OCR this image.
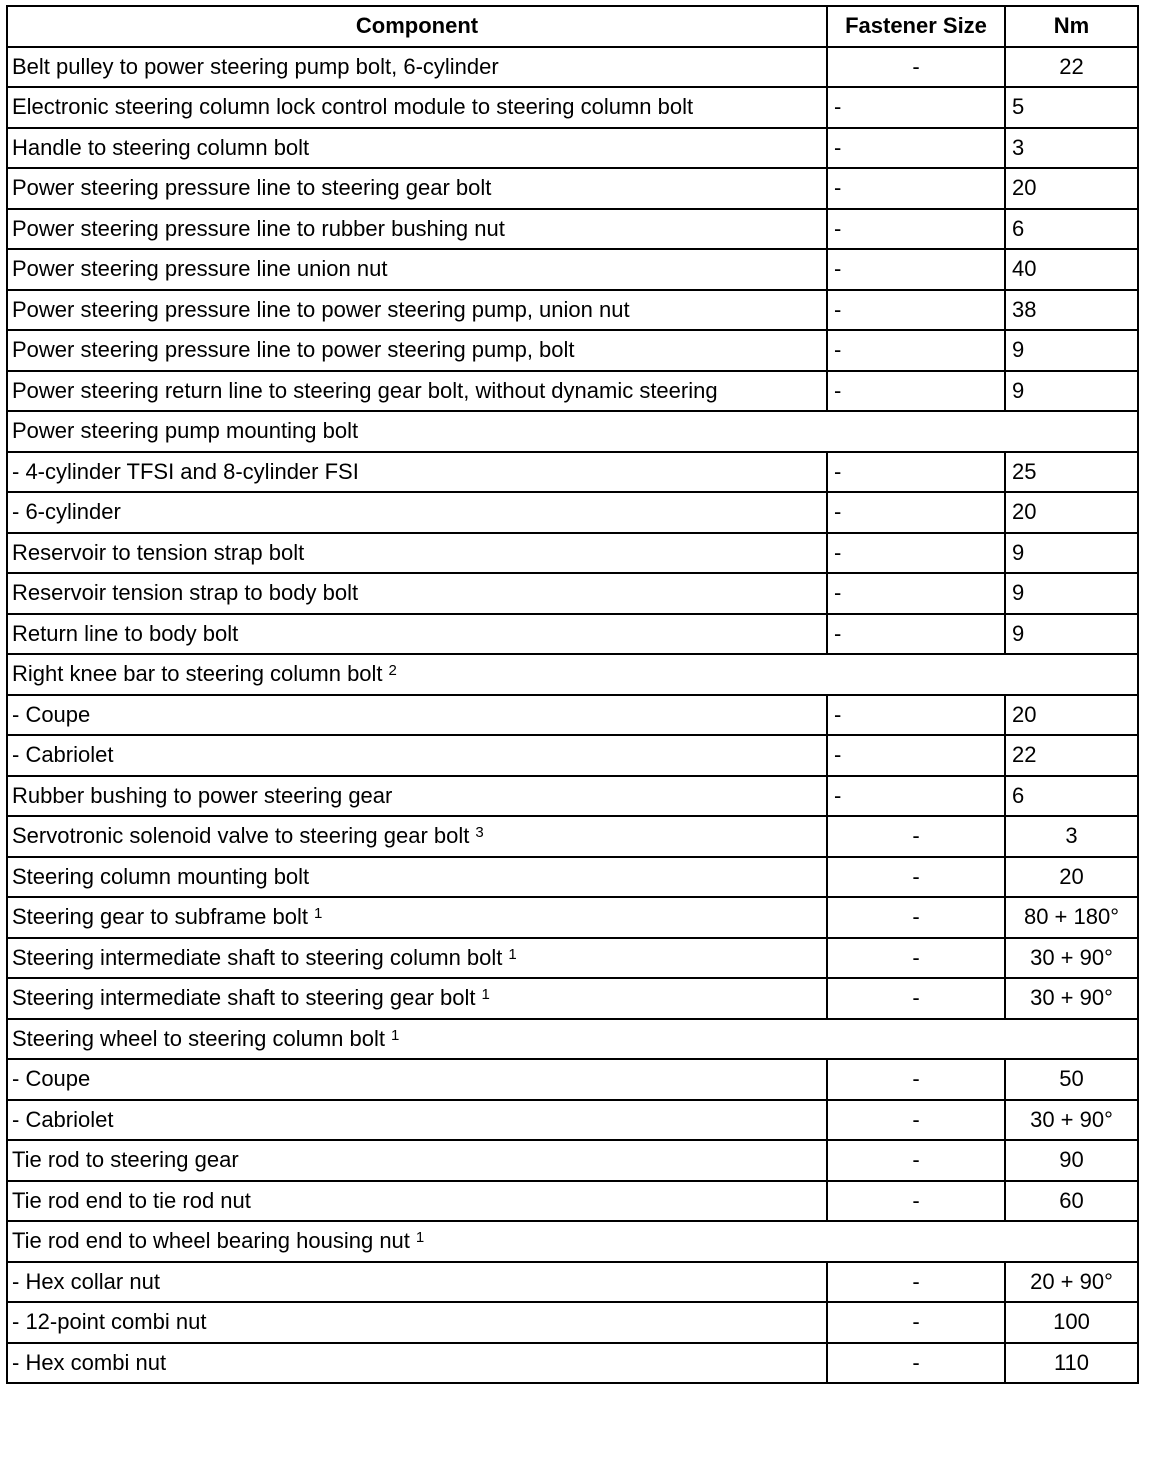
Component	Fastener Size	Nm
Belt pulley to power steering pump bolt, 6-cylinder	-	22
Electronic steering column lock control module to steering column bolt	-	5
Handle to steering column bolt	-	3
Power steering pressure line to steering gear bolt	-	20
Power steering pressure line to rubber bushing nut	-	6
Power steering pressure line union nut	-	40
Power steering pressure line to power steering pump, union nut	-	38
Power steering pressure line to power steering pump, bolt	-	9
Power steering return line to steering gear bolt, without dynamic steering	-	9
Power steering pump mounting bolt		
- 4-cylinder TFSI and 8-cylinder FSI	-	25
- 6-cylinder	-	20
Reservoir to tension strap bolt	-	9
Reservoir tension strap to body bolt	-	9
Return line to body bolt	-	9
Right knee bar to steering column bolt $^2$
- Coupe	-	20
- Cabriolet	-	22
Rubber bushing to power steering gear	-	6
Servotronic solenoid valve to steering gear bolt $^3$	-	3
Steering column mounting bolt	-	20
Steering gear to subframe bolt $^1$	-	80 + 180°
Steering intermediate shaft to steering column bolt $^1$	-	30 + 90°
Steering intermediate shaft to steering gear bolt $^1$	-	30 + 90°
Steering wheel to steering column bolt $^1$
- Coupe	-	50
- Cabriolet	-	30 + 90°
Tie rod to steering gear	-	90
Tie rod end to tie rod nut	-	60
Tie rod end to wheel bearing housing nut $^1$
- Hex collar nut	-	20 + 90°
- 12-point combi nut	-	100
- Hex combi nut	-	110
